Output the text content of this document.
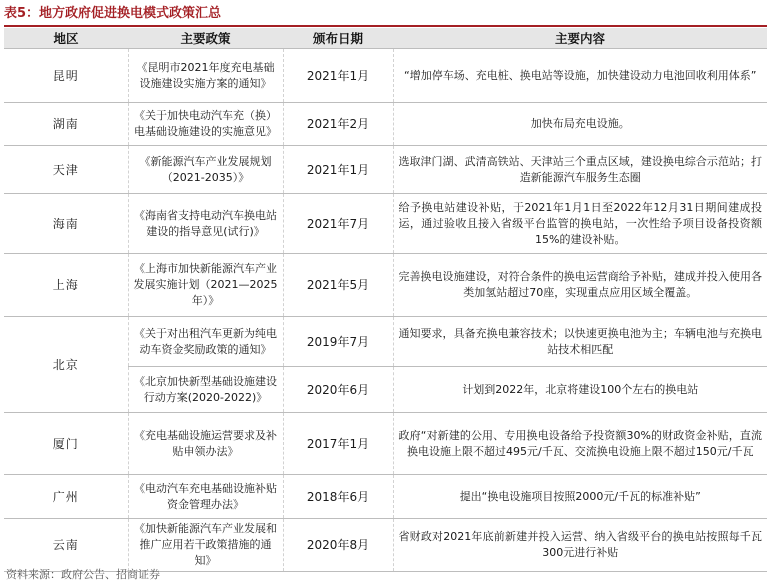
表5：地方政府促进换电模式政策汇总
地区	主要政策	颁布日期	主要内容
昆明	《昆明市2021年度充电基础设施建设实施方案的通知》	2021年1月	“增加停车场、充电桩、换电站等设施，加快建设动力电池回收利用体系”
湖南	《关于加快电动汽车充（换）电基础设施建设的实施意见》	2021年2月	加快布局充电设施。
天津	《新能源汽车产业发展规划（2021-2035）》	2021年1月	选取津门湖、武清高铁站、天津站三个重点区域，建设换电综合示范站；打造新能源汽车服务生态圈
海南	《海南省支持电动汽车换电站建设的指导意见(试行)》	2021年7月	给予换电站建设补贴，于2021年1月1日至2022年12月31日期间建成投运，通过验收且接入省级平台监管的换电站，一次性给予项目设备投资额15%的建设补贴。
上海	《上海市加快新能源汽车产业发展实施计划（2021—2025年）》	2021年5月	完善换电设施建设，对符合条件的换电运营商给予补贴，建成并投入使用各类加氢站超过70座，实现重点应用区域全覆盖。
北京	《关于对出租汽车更新为纯电动车资金奖励政策的通知》	2019年7月	通知要求，具备充换电兼容技术；以快速更换电池为主；车辆电池与充换电站技术相匹配
	《北京加快新型基础设施建设行动方案(2020-2022)》	2020年6月	计划到2022年，北京将建设100个左右的换电站
厦门	《充电基础设施运营要求及补贴申领办法》	2017年1月	政府“对新建的公用、专用换电设备给予投资额30%的财政资金补贴，直流换电设施上限不超过495元/千瓦、交流换电设施上限不超过150元/千瓦
广州	《电动汽车充电基础设施补贴资金管理办法》	2018年6月	提出“换电设施项目按照2000元/千瓦的标准补贴”
云南	《加快新能源汽车产业发展和推广应用若干政策措施的通知》	2020年8月	省财政对2021年底前新建并投入运营、纳入省级平台的换电站按照每千瓦300元进行补贴
资料来源：政府公告、招商证券
